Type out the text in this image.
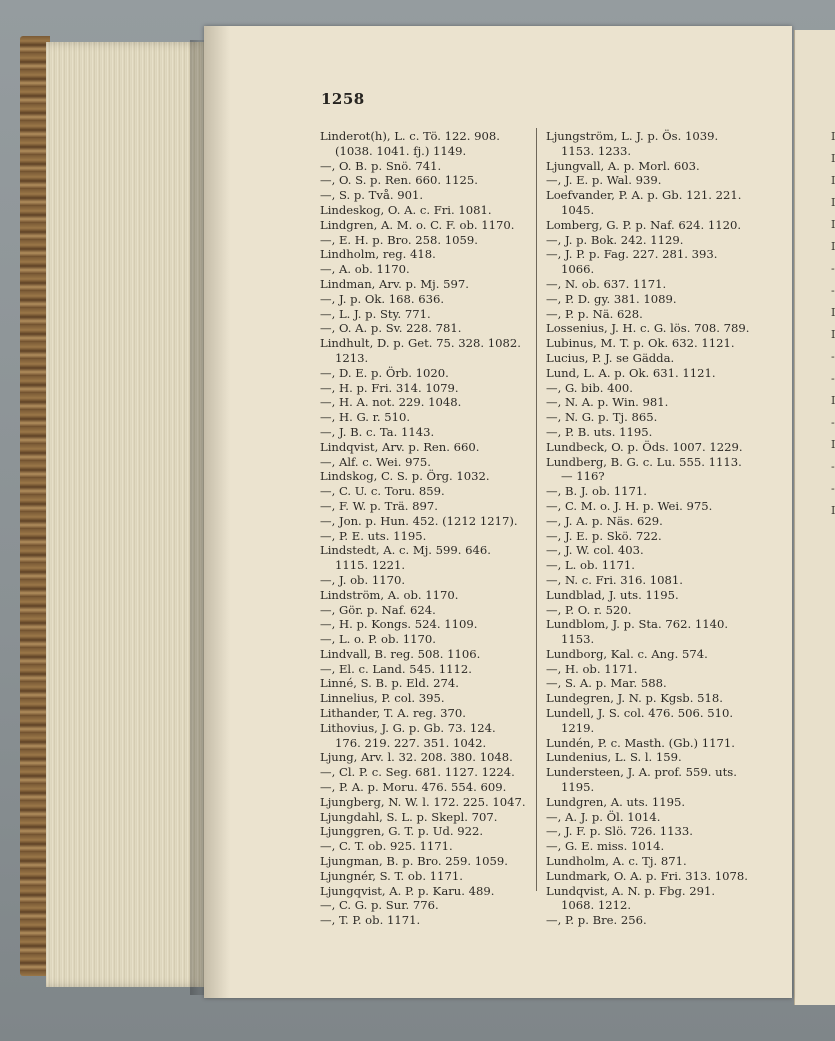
I
I
I
I
I
I
-
-
I
I
-
-
I
-
I
-
-
I
1258
Linderot(h), L. c. Tö. 122. 908.
(1038. 1041. fj.) 1149.
—, O. B. p. Snö. 741.
—, O. S. p. Ren. 660. 1125.
—, S. p. Två. 901.
Lindeskog, O. A. c. Fri. 1081.
Lindgren, A. M. o. C. F. ob. 1170.
—, E. H. p. Bro. 258. 1059.
Lindholm, reg. 418.
—, A. ob. 1170.
Lindman, Arv. p. Mj. 597.
—, J. p. Ok. 168. 636.
—, L. J. p. Sty. 771.
—, O. A. p. Sv. 228. 781.
Lindhult, D. p. Get. 75. 328. 1082.
1213.
—, D. E. p. Örb. 1020.
—, H. p. Fri. 314. 1079.
—, H. A. not. 229. 1048.
—, H. G. r. 510.
—, J. B. c. Ta. 1143.
Lindqvist, Arv. p. Ren. 660.
—, Alf. c. Wei. 975.
Lindskog, C. S. p. Örg. 1032.
—, C. U. c. Toru. 859.
—, F. W. p. Trä. 897.
—, Jon. p. Hun. 452. (1212 1217).
—, P. E. uts. 1195.
Lindstedt, A. c. Mj. 599. 646.
1115. 1221.
—, J. ob. 1170.
Lindström, A. ob. 1170.
—, Gör. p. Naf. 624.
—, H. p. Kongs. 524. 1109.
—, L. o. P. ob. 1170.
Lindvall, B. reg. 508. 1106.
—, El. c. Land. 545. 1112.
Linné, S. B. p. Eld. 274.
Linnelius, P. col. 395.
Lithander, T. A. reg. 370.
Lithovius, J. G. p. Gb. 73. 124.
176. 219. 227. 351. 1042.
Ljung, Arv. l. 32. 208. 380. 1048.
—, Cl. P. c. Seg. 681. 1127. 1224.
—, P. A. p. Moru. 476. 554. 609.
Ljungberg, N. W. l. 172. 225. 1047.
Ljungdahl, S. L. p. Skepl. 707.
Ljunggren, G. T. p. Ud. 922.
—, C. T. ob. 925. 1171.
Ljungman, B. p. Bro. 259. 1059.
Ljungnér, S. T. ob. 1171.
Ljungqvist, A. P. p. Karu. 489.
—, C. G. p. Sur. 776.
—, T. P. ob. 1171.
Ljungström, L. J. p. Ös. 1039.
1153. 1233.
Ljungvall, A. p. Morl. 603.
—, J. E. p. Wal. 939.
Loefvander, P. A. p. Gb. 121. 221.
1045.
Lomberg, G. P. p. Naf. 624. 1120.
—, J. p. Bok. 242. 1129.
—, J. P. p. Fag. 227. 281. 393.
1066.
—, N. ob. 637. 1171.
—, P. D. gy. 381. 1089.
—, P. p. Nä. 628.
Lossenius, J. H. c. G. lös. 708. 789.
Lubinus, M. T. p. Ok. 632. 1121.
Lucius, P. J. se Gädda.
Lund, L. A. p. Ok. 631. 1121.
—, G. bib. 400.
—, N. A. p. Win. 981.
—, N. G. p. Tj. 865.
—, P. B. uts. 1195.
Lundbeck, O. p. Öds. 1007. 1229.
Lundberg, B. G. c. Lu. 555. 1113.
— 116?
—, B. J. ob. 1171.
—, C. M. o. J. H. p. Wei. 975.
—, J. A. p. Näs. 629.
—, J. E. p. Skö. 722.
—, J. W. col. 403.
—, L. ob. 1171.
—, N. c. Fri. 316. 1081.
Lundblad, J. uts. 1195.
—, P. O. r. 520.
Lundblom, J. p. Sta. 762. 1140.
1153.
Lundborg, Kal. c. Ang. 574.
—, H. ob. 1171.
—, S. A. p. Mar. 588.
Lundegren, J. N. p. Kgsb. 518.
Lundell, J. S. col. 476. 506. 510.
1219.
Lundén, P. c. Masth. (Gb.) 1171.
Lundenius, L. S. l. 159.
Lundersteen, J. A. prof. 559. uts.
1195.
Lundgren, A. uts. 1195.
—, A. J. p. Öl. 1014.
—, J. F. p. Slö. 726. 1133.
—, G. E. miss. 1014.
Lundholm, A. c. Tj. 871.
Lundmark, O. A. p. Fri. 313. 1078.
Lundqvist, A. N. p. Fbg. 291.
1068. 1212.
—, P. p. Bre. 256.
